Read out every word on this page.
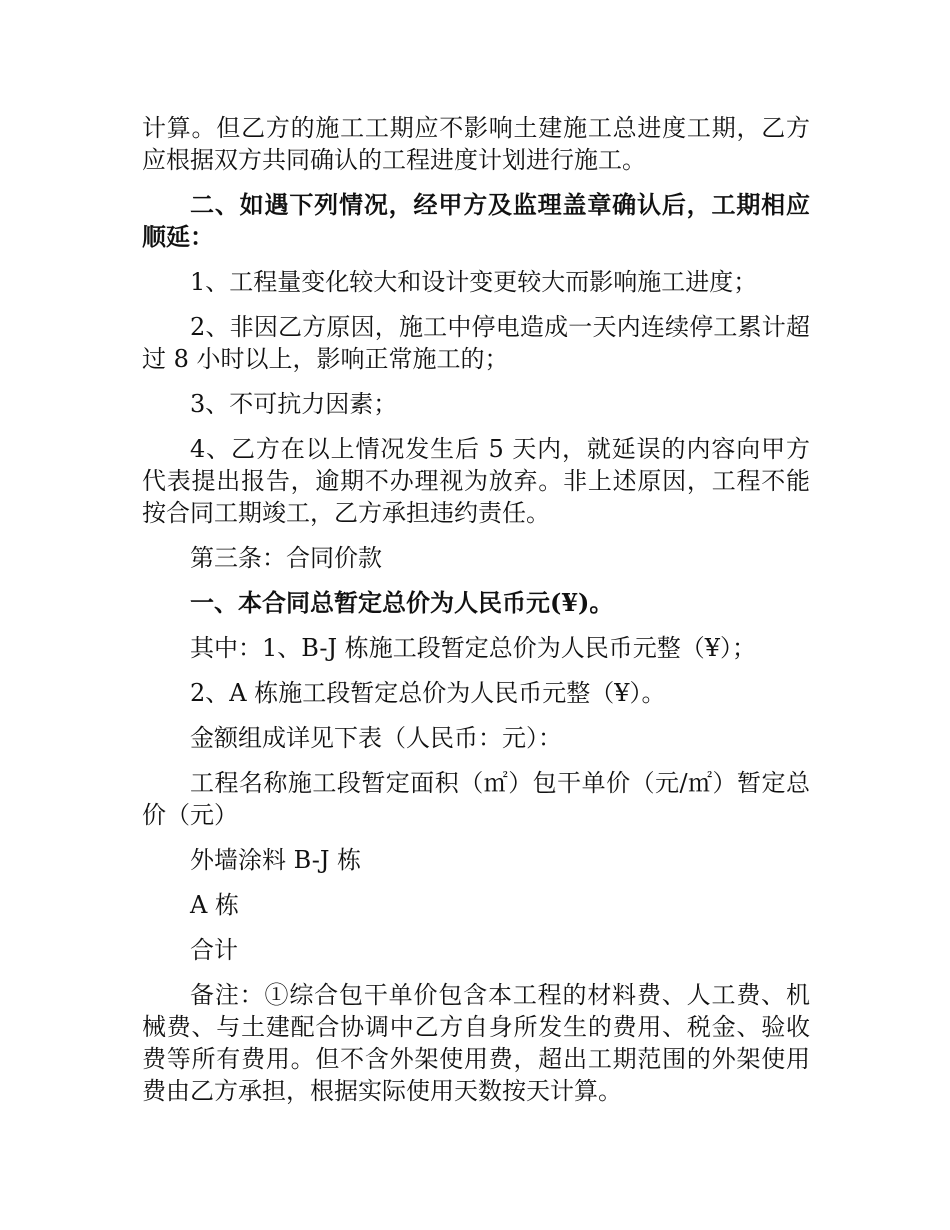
计算。但乙方的施工工期应不影响土建施工总进度工期，乙方应根据双方共同确认的工程进度计划进行施工。

二、如遇下列情况，经甲方及监理盖章确认后，工期相应顺延：

1、工程量变化较大和设计变更较大而影响施工进度；

2、非因乙方原因，施工中停电造成一天内连续停工累计超过 8 小时以上，影响正常施工的；

3、不可抗力因素；

4、乙方在以上情况发生后 5 天内，就延误的内容向甲方代表提出报告，逾期不办理视为放弃。非上述原因，工程不能按合同工期竣工，乙方承担违约责任。

第三条：合同价款

一、本合同总暂定总价为人民币元(¥)。

其中：1、B-J 栋施工段暂定总价为人民币元整（¥）；

2、A 栋施工段暂定总价为人民币元整（¥）。

金额组成详见下表（人民币：元）：

工程名称施工段暂定面积（㎡）包干单价（元/㎡）暂定总价（元）

外墙涂料 B-J 栋

A 栋

合计

备注：①综合包干单价包含本工程的材料费、人工费、机械费、与土建配合协调中乙方自身所发生的费用、税金、验收费等所有费用。但不含外架使用费，超出工期范围的外架使用费由乙方承担，根据实际使用天数按天计算。
